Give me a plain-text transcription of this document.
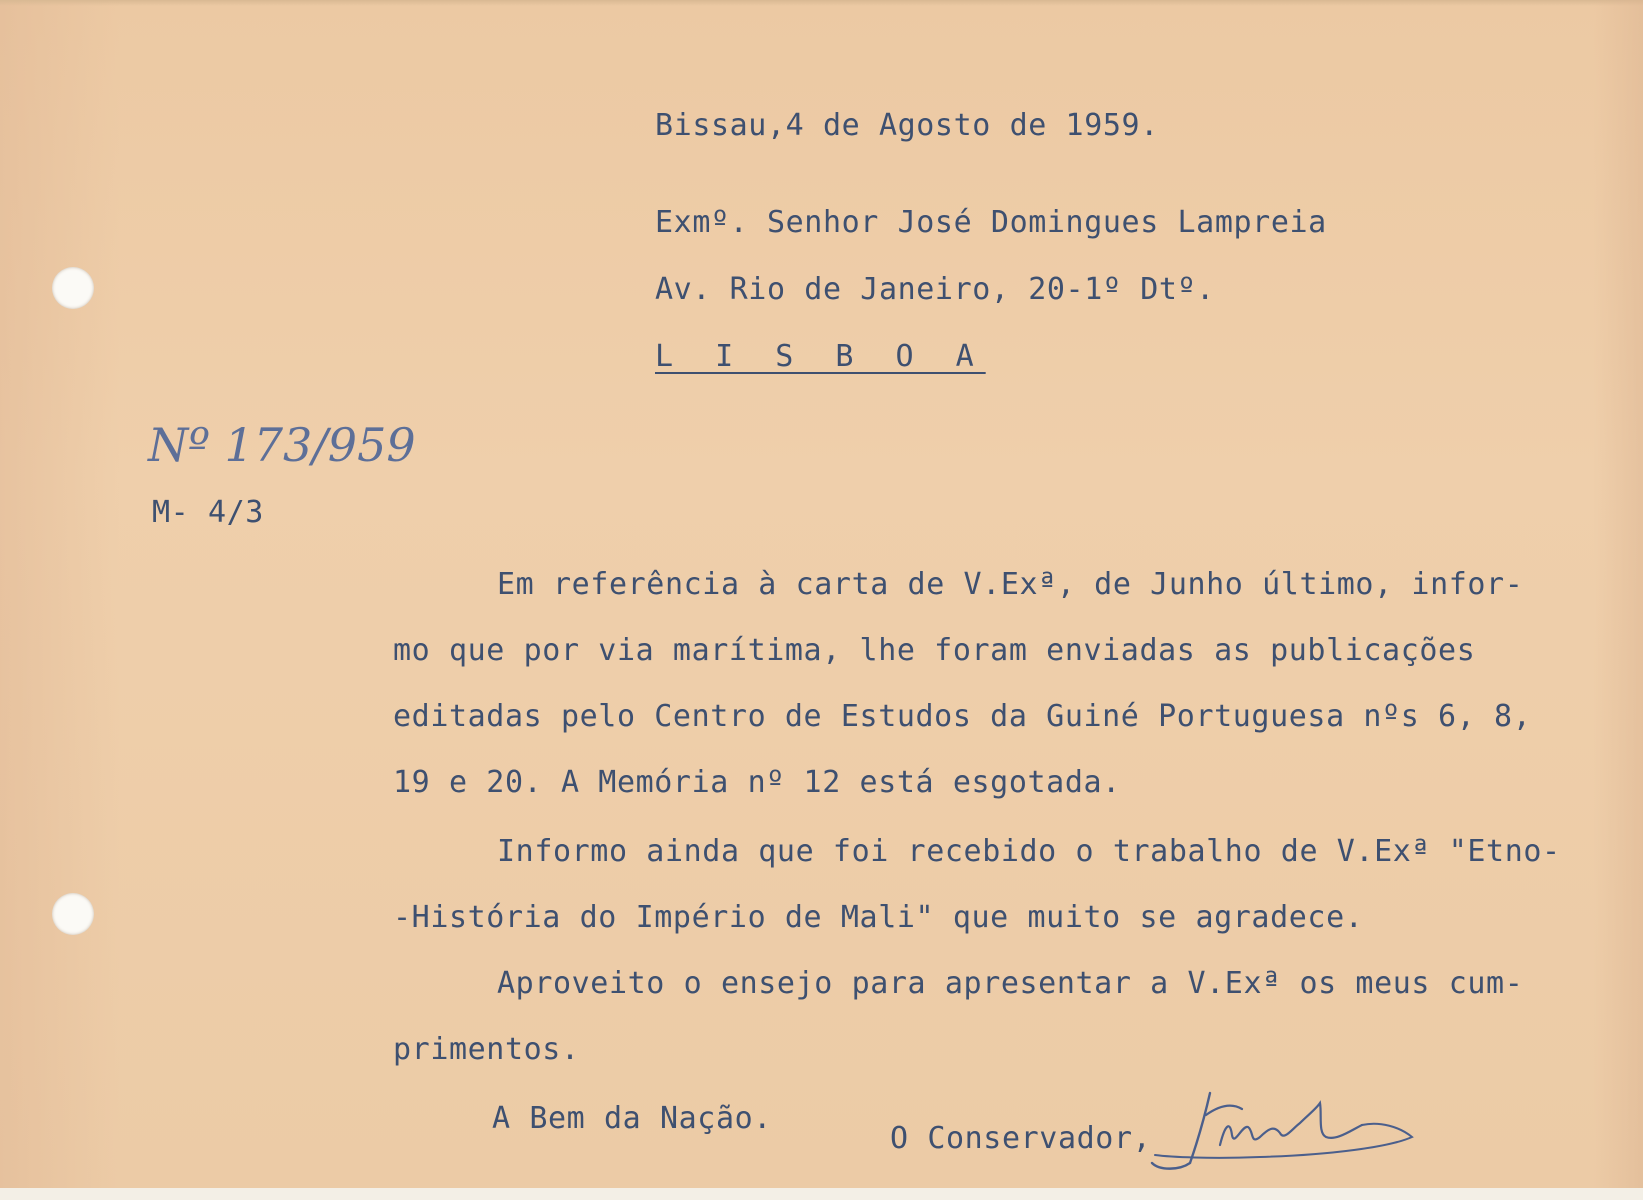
Bissau,4 de Agosto de 1959.
Exmº. Senhor José Domingues Lampreia
Av. Rio de Janeiro, 20-1º Dtº.
L I S B O A
Nº 173/959
M- 4/3
Em referência à carta de V.Exª, de Junho último, infor-
mo que por via marítima, lhe foram enviadas as publicações
editadas pelo Centro de Estudos da Guiné Portuguesa nºs 6, 8,
19 e 20. A Memória nº 12 está esgotada.
Informo ainda que foi recebido o trabalho de V.Exª "Etno-
-História do Império de Mali" que muito se agradece.
Aproveito o ensejo para apresentar a V.Exª os meus cum-
primentos.
A Bem da Nação.
O Conservador,
